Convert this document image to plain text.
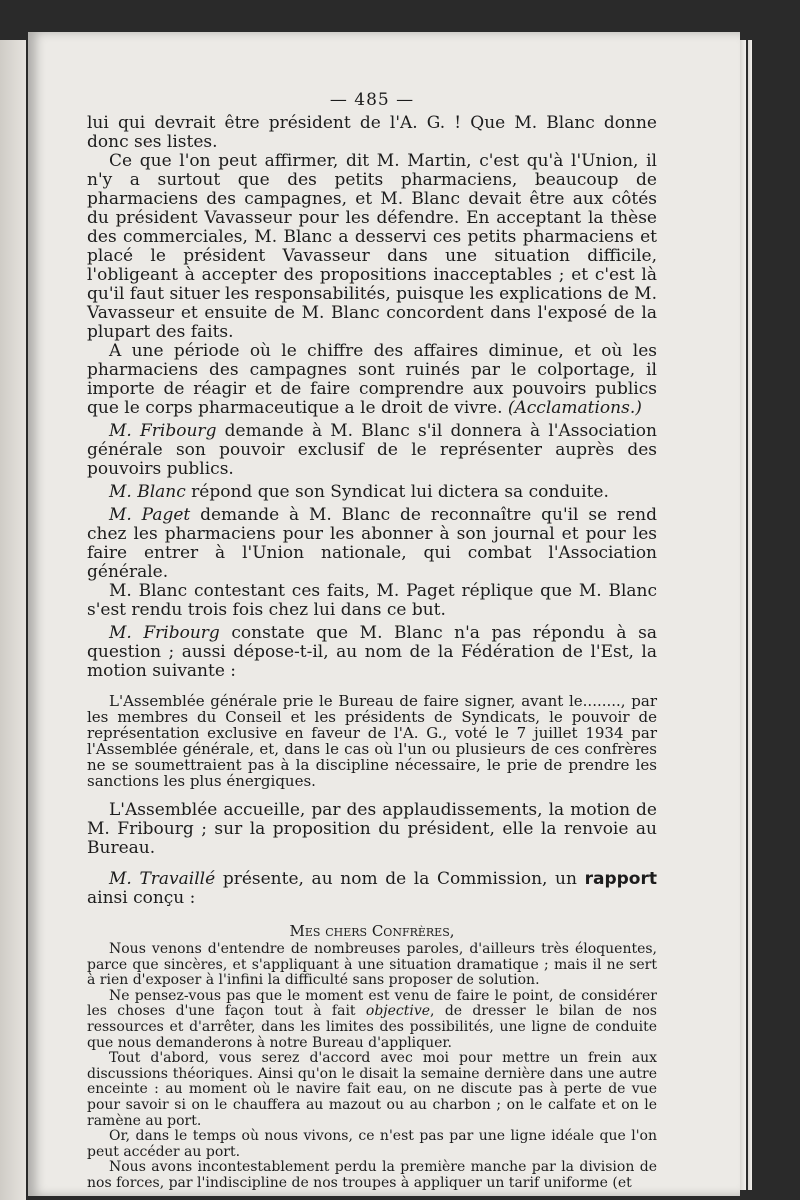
— 485 —

lui qui devrait être président de l'A. G. ! Que M. Blanc donne donc ses listes.

Ce que l'on peut affirmer, dit M. Martin, c'est qu'à l'Union, il n'y a surtout que des petits pharmaciens, beaucoup de pharmaciens des campagnes, et M. Blanc devait être aux côtés du président Vavasseur pour les défendre. En acceptant la thèse des commerciales, M. Blanc a desservi ces petits pharmaciens et placé le président Vavasseur dans une situation difficile, l'obligeant à accepter des propositions inacceptables ; et c'est là qu'il faut situer les responsabilités, puisque les explications de M. Vavasseur et ensuite de M. Blanc concordent dans l'exposé de la plupart des faits.

A une période où le chiffre des affaires diminue, et où les pharmaciens des campagnes sont ruinés par le colportage, il importe de réagir et de faire comprendre aux pouvoirs publics que le corps pharmaceutique a le droit de vivre. (Acclamations.)

M. Fribourg demande à M. Blanc s'il donnera à l'Association générale son pouvoir exclusif de le représenter auprès des pouvoirs publics.

M. Blanc répond que son Syndicat lui dictera sa conduite.

M. Paget demande à M. Blanc de reconnaître qu'il se rend chez les pharmaciens pour les abonner à son journal et pour les faire entrer à l'Union nationale, qui combat l'Association générale.

M. Blanc contestant ces faits, M. Paget réplique que M. Blanc s'est rendu trois fois chez lui dans ce but.

M. Fribourg constate que M. Blanc n'a pas répondu à sa question ; aussi dépose-t-il, au nom de la Fédération de l'Est, la motion suivante :

L'Assemblée générale prie le Bureau de faire signer, avant le........, par les membres du Conseil et les présidents de Syndicats, le pouvoir de représentation exclusive en faveur de l'A. G., voté le 7 juillet 1934 par l'Assemblée générale, et, dans le cas où l'un ou plusieurs de ces confrères ne se soumettraient pas à la discipline nécessaire, le prie de prendre les sanctions les plus énergiques.

L'Assemblée accueille, par des applaudissements, la motion de M. Fribourg ; sur la proposition du président, elle la renvoie au Bureau.

M. Travaillé présente, au nom de la Commission, un rapport ainsi conçu :

Mes chers Confrères,

Nous venons d'entendre de nombreuses paroles, d'ailleurs très éloquentes, parce que sincères, et s'appliquant à une situation dramatique ; mais il ne sert à rien d'exposer à l'infini la difficulté sans proposer de solution.

Ne pensez-vous pas que le moment est venu de faire le point, de considérer les choses d'une façon tout à fait objective, de dresser le bilan de nos ressources et d'arrêter, dans les limites des possibilités, une ligne de conduite que nous demanderons à notre Bureau d'appliquer.

Tout d'abord, vous serez d'accord avec moi pour mettre un frein aux discussions théoriques. Ainsi qu'on le disait la semaine dernière dans une autre enceinte : au moment où le navire fait eau, on ne discute pas à perte de vue pour savoir si on le chauffera au mazout ou au charbon ; on le calfate et on le ramène au port.

Or, dans le temps où nous vivons, ce n'est pas par une ligne idéale que l'on peut accéder au port.

Nous avons incontestablement perdu la première manche par la division de nos forces, par l'indiscipline de nos troupes à appliquer un tarif uniforme (et
